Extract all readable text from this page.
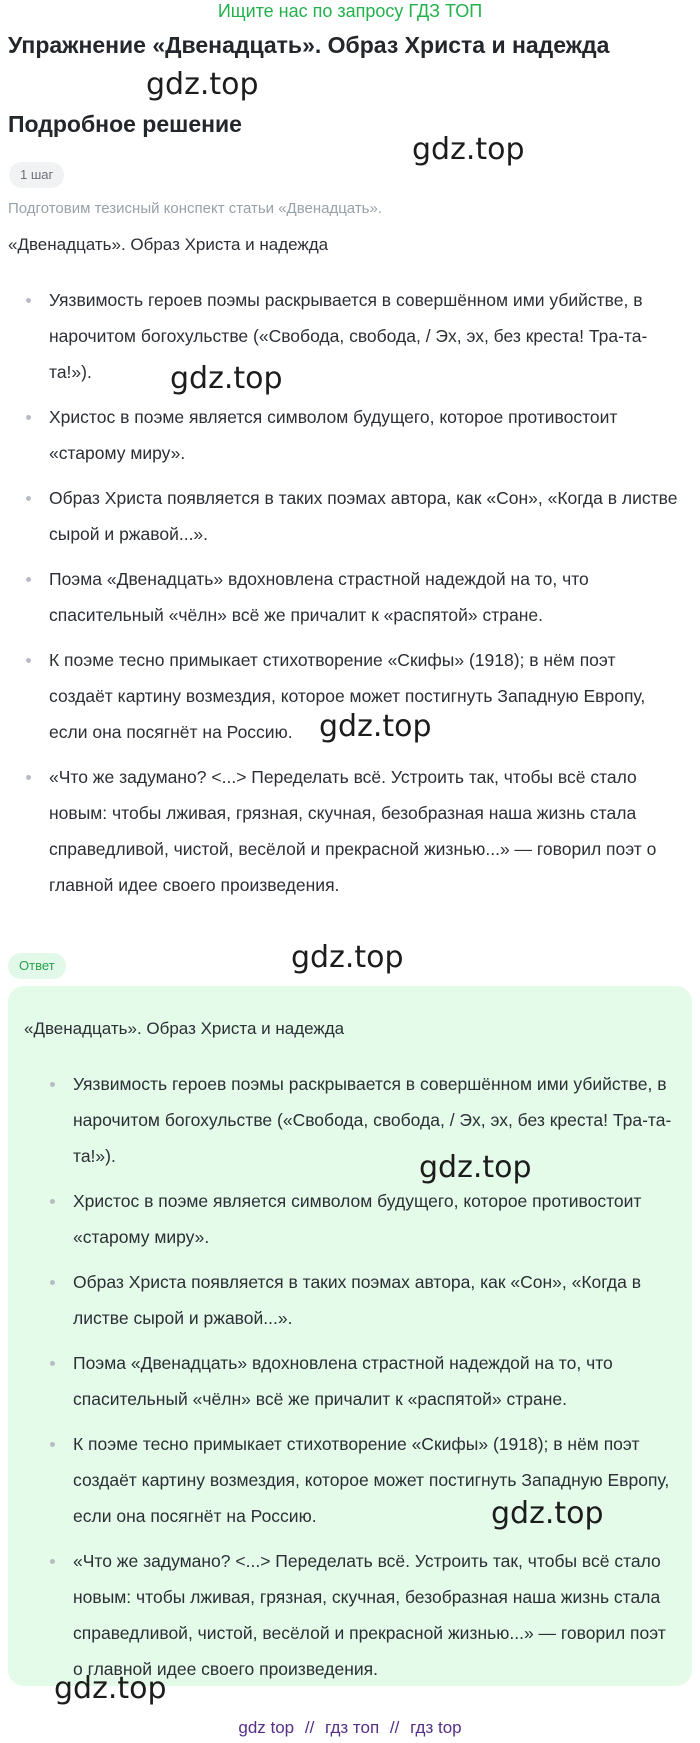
Ищите нас по запросу ГДЗ ТОП
Упражнение «Двенадцать». Образ Христа и надежда
Подробное решение
1 шаг
Подготовим тезисный конспект статьи «Двенадцать».
«Двенадцать». Образ Христа и надежда
Уязвимость героев поэмы раскрывается в совершённом ими убийстве, в нарочитом богохульстве («Свобода, свобода, / Эх, эх, без креста! Тра-та-та!»).
Христос в поэме является символом будущего, которое противостоит «старому миру».
Образ Христа появляется в таких поэмах автора, как «Сон», «Когда в листве сырой и ржавой...».
Поэма «Двенадцать» вдохновлена страстной надеждой на то, что спасительный «чёлн» всё же причалит к «распятой» стране.
К поэме тесно примыкает стихотворение «Скифы» (1918); в нём поэт создаёт картину возмездия, которое может постигнуть Западную Европу, если она посягнёт на Россию.
«Что же задумано? <...> Переделать всё. Устроить так, чтобы всё стало новым: чтобы лживая, грязная, скучная, безобразная наша жизнь стала справедливой, чистой, весёлой и прекрасной жизнью...» — говорил поэт о главной идее своего произведения.
Ответ
«Двенадцать». Образ Христа и надежда
Уязвимость героев поэмы раскрывается в совершённом ими убийстве, в нарочитом богохульстве («Свобода, свобода, / Эх, эх, без креста! Тра-та-та!»).
Христос в поэме является символом будущего, которое противостоит «старому миру».
Образ Христа появляется в таких поэмах автора, как «Сон», «Когда в листве сырой и ржавой...».
Поэма «Двенадцать» вдохновлена страстной надеждой на то, что спасительный «чёлн» всё же причалит к «распятой» стране.
К поэме тесно примыкает стихотворение «Скифы» (1918); в нём поэт создаёт картину возмездия, которое может постигнуть Западную Европу, если она посягнёт на Россию.
«Что же задумано? <...> Переделать всё. Устроить так, чтобы всё стало новым: чтобы лживая, грязная, скучная, безобразная наша жизнь стала справедливой, чистой, весёлой и прекрасной жизнью...» — говорил поэт о главной идее своего произведения.
gdz.top
gdz.top
gdz.top
gdz.top
gdz.top
gdz.top
gdz.top
gdz.top
gdz top // гдз топ // гдз top
